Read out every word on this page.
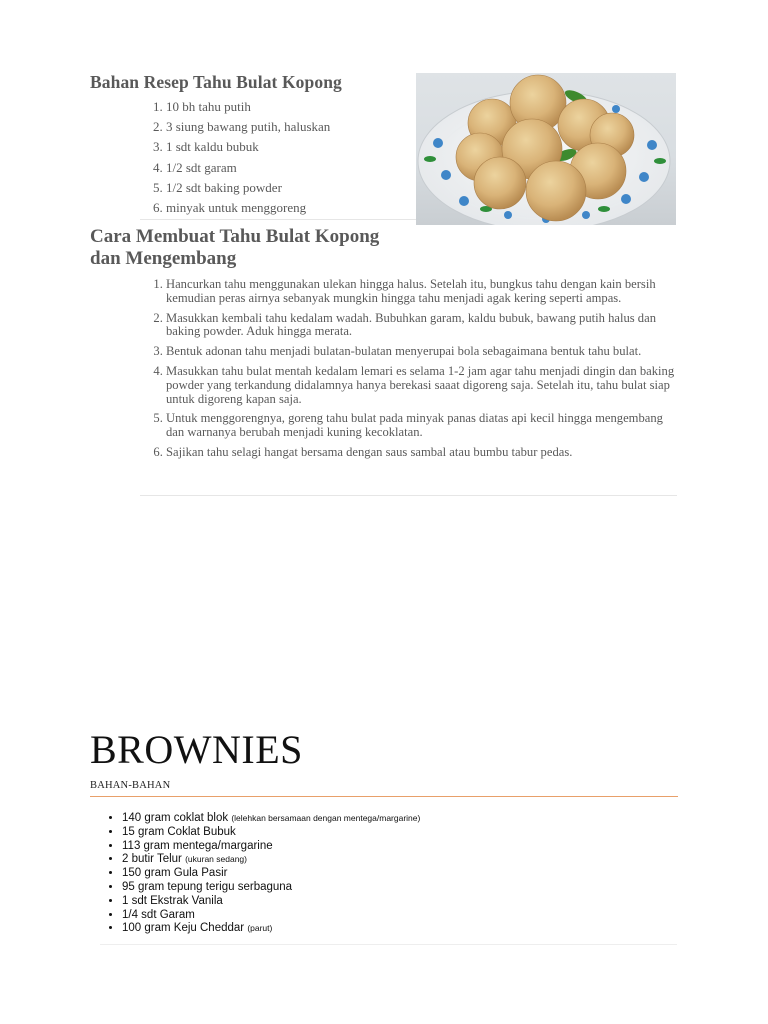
Bahan Resep Tahu Bulat Kopong
1. 10 bh tahu putih
2. 3 siung bawang putih, haluskan
3. 1 sdt kaldu bubuk
4. 1/2 sdt garam
5. 1/2 sdt baking powder
6. minyak untuk menggoreng
Cara Membuat Tahu Bulat Kopong dan Mengembang
1. Hancurkan tahu menggunakan ulekan hingga halus. Setelah itu, bungkus tahu dengan kain bersih kemudian peras airnya sebanyak mungkin hingga tahu menjadi agak kering seperti ampas.
2. Masukkan kembali tahu kedalam wadah. Bubuhkan garam, kaldu bubuk, bawang putih halus dan baking powder. Aduk hingga merata.
3. Bentuk adonan tahu menjadi bulatan-bulatan menyerupai bola sebagaimana bentuk tahu bulat.
4. Masukkan tahu bulat mentah kedalam lemari es selama 1-2 jam agar tahu menjadi dingin dan baking powder yang terkandung didalamnya hanya berekasi saaat digoreng saja. Setelah itu, tahu bulat siap untuk digoreng kapan saja.
5. Untuk menggorengnya, goreng tahu bulat pada minyak panas diatas api kecil hingga mengembang dan warnanya berubah menjadi kuning kecoklatan.
6. Sajikan tahu selagi hangat bersama dengan saus sambal atau bumbu tabur pedas.
BROWNIES
BAHAN-BAHAN
• 140 gram coklat blok (lelehkan bersamaan dengan mentega/margarine)
• 15 gram Coklat Bubuk
• 113 gram mentega/margarine
• 2 butir Telur (ukuran sedang)
• 150 gram Gula Pasir
• 95 gram tepung terigu serbaguna
• 1 sdt Ekstrak Vanila
• 1/4 sdt Garam
• 100 gram Keju Cheddar (parut)
